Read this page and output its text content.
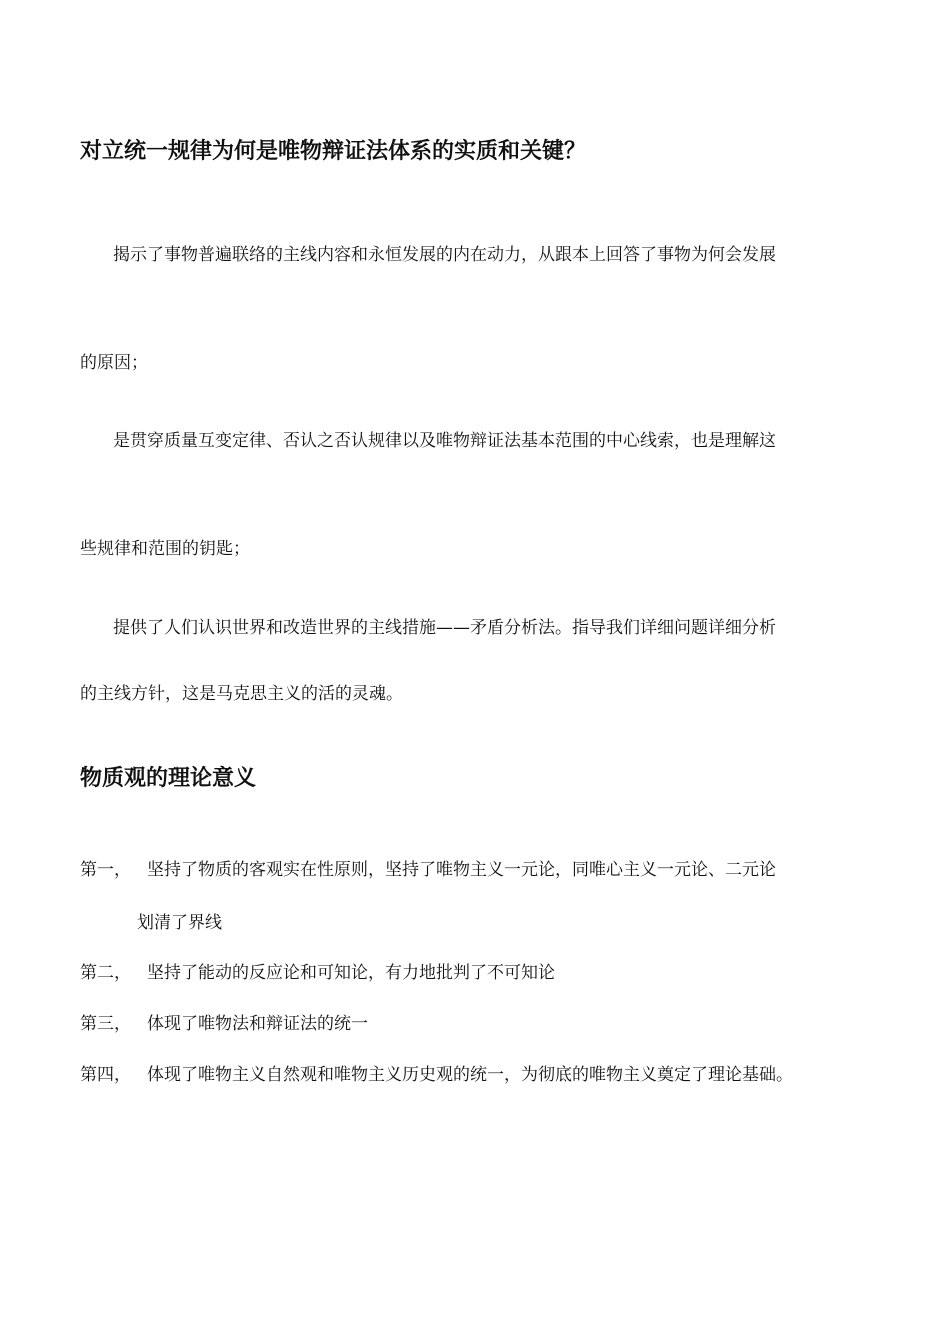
对立统一规律为何是唯物辩证法体系的实质和关键？
揭示了事物普遍联络的主线内容和永恒发展的内在动力，从跟本上回答了事物为何会发展
的原因；
是贯穿质量互变定律、否认之否认规律以及唯物辩证法基本范围的中心线索，也是理解这
些规律和范围的钥匙；
提供了人们认识世界和改造世界的主线措施——矛盾分析法。指导我们详细问题详细分析
的主线方针，这是马克思主义的活的灵魂。
物质观的理论意义
第一， 坚持了物质的客观实在性原则，坚持了唯物主义一元论，同唯心主义一元论、二元论
划清了界线
第二， 坚持了能动的反应论和可知论，有力地批判了不可知论
第三， 体现了唯物法和辩证法的统一
第四， 体现了唯物主义自然观和唯物主义历史观的统一，为彻底的唯物主义奠定了理论基础。
